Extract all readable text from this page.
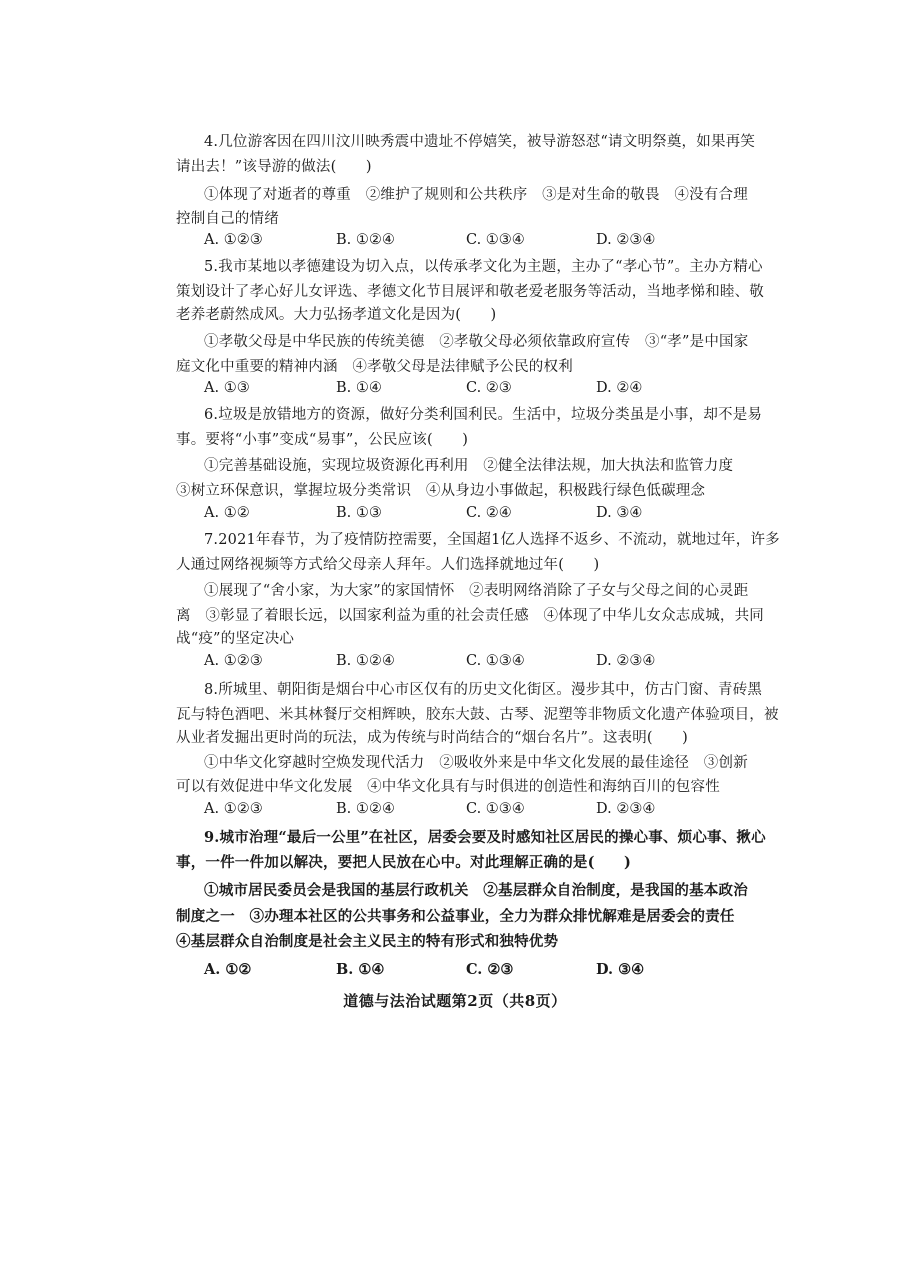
4.几位游客因在四川汶川映秀震中遗址不停嬉笑，被导游怒怼“请文明祭奠，如果再笑
请出去！”该导游的做法(　　)
①体现了对逝者的尊重　②维护了规则和公共秩序　③是对生命的敬畏　④没有合理
控制自己的情绪
A. ①②③	B. ①②④	C. ①③④	D. ②③④
5.我市某地以孝德建设为切入点，以传承孝文化为主题，主办了“孝心节”。主办方精心
策划设计了孝心好儿女评选、孝德文化节目展评和敬老爱老服务等活动，当地孝悌和睦、敬
老养老蔚然成风。大力弘扬孝道文化是因为(　　)
①孝敬父母是中华民族的传统美德　②孝敬父母必须依靠政府宣传　③“孝”是中国家
庭文化中重要的精神内涵　④孝敬父母是法律赋予公民的权利
A. ①③	B. ①④	C. ②③	D. ②④
6.垃圾是放错地方的资源，做好分类利国利民。生活中，垃圾分类虽是小事，却不是易
事。要将“小事”变成“易事”，公民应该(　　)
①完善基础设施，实现垃圾资源化再利用　②健全法律法规，加大执法和监管力度
③树立环保意识，掌握垃圾分类常识　④从身边小事做起，积极践行绿色低碳理念
A. ①②	B. ①③	C. ②④	D. ③④
7.2021年春节，为了疫情防控需要，全国超1亿人选择不返乡、不流动，就地过年，许多
人通过网络视频等方式给父母亲人拜年。人们选择就地过年(　　)
①展现了“舍小家，为大家”的家国情怀　②表明网络消除了子女与父母之间的心灵距
离　③彰显了着眼长远，以国家利益为重的社会责任感　④体现了中华儿女众志成城，共同
战“疫”的坚定决心
A. ①②③	B. ①②④	C. ①③④	D. ②③④
8.所城里、朝阳街是烟台中心市区仅有的历史文化街区。漫步其中，仿古门窗、青砖黑
瓦与特色酒吧、米其林餐厅交相辉映，胶东大鼓、古琴、泥塑等非物质文化遗产体验项目，被
从业者发掘出更时尚的玩法，成为传统与时尚结合的“烟台名片”。这表明(　　)
①中华文化穿越时空焕发现代活力　②吸收外来是中华文化发展的最佳途径　③创新
可以有效促进中华文化发展　④中华文化具有与时俱进的创造性和海纳百川的包容性
A. ①②③	B. ①②④	C. ①③④	D. ②③④
9.城市治理“最后一公里”在社区，居委会要及时感知社区居民的操心事、烦心事、揪心
事，一件一件加以解决，要把人民放在心中。对此理解正确的是(　　)
①城市居民委员会是我国的基层行政机关　②基层群众自治制度，是我国的基本政治
制度之一　③办理本社区的公共事务和公益事业，全力为群众排忧解难是居委会的责任
④基层群众自治制度是社会主义民主的特有形式和独特优势
A. ①②	B. ①④	C. ②③	D. ③④
道德与法治试题第2页（共8页）
